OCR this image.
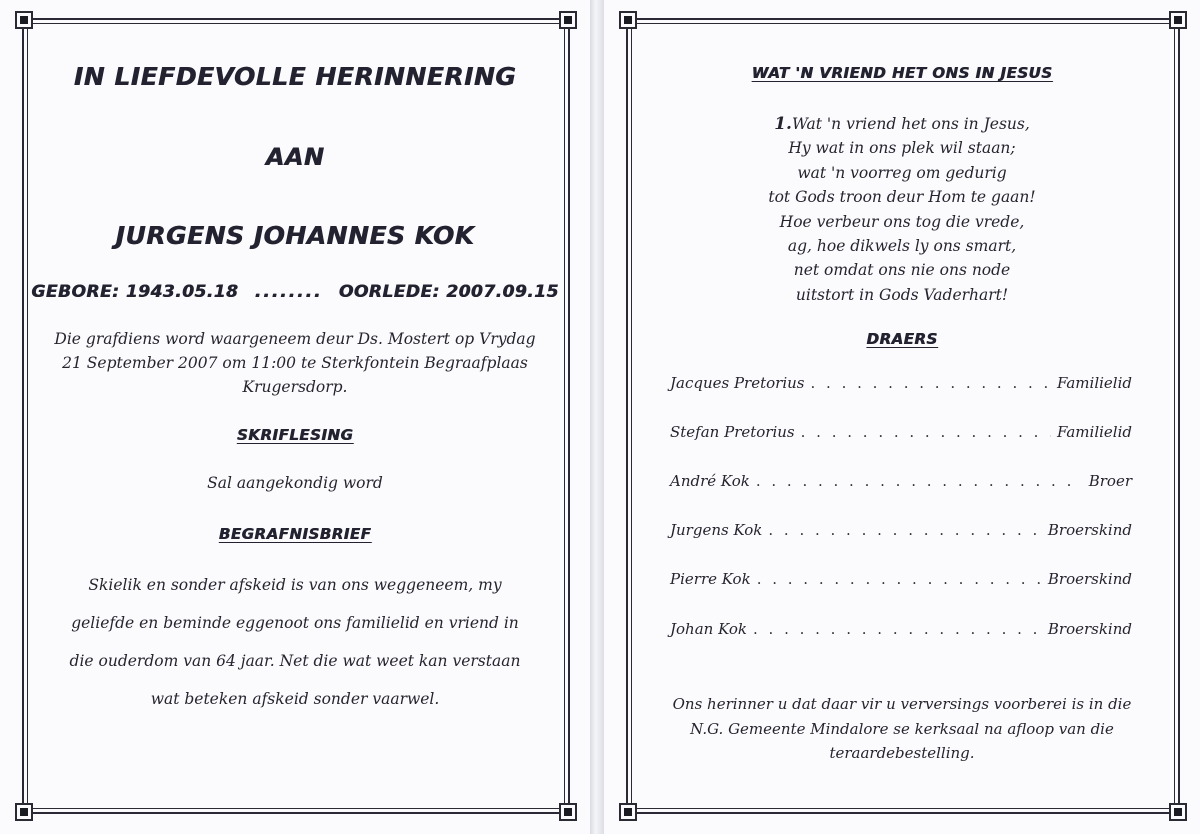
IN LIEFDEVOLLE HERINNERING
AAN
JURGENS JOHANNES KOK
GEBORE: 1943.05.18 ........ OORLEDE: 2007.09.15
Die grafdiens word waargeneem deur Ds. Mostert op Vrydag
21 September 2007 om 11:00 te Sterkfontein Begraafplaas
Krugersdorp.
SKRIFLESING
Sal aangekondig word
BEGRAFNISBRIEF
Skielik en sonder afskeid is van ons weggeneem, my geliefde en beminde eggenoot ons familielid en vriend in die ouderdom van 64 jaar. Net die wat weet kan verstaan wat beteken afskeid sonder vaarwel.
WAT 'N VRIEND HET ONS IN JESUS
1.Wat 'n vriend het ons in Jesus,
Hy wat in ons plek wil staan;
wat 'n voorreg om gedurig
tot Gods troon deur Hom te gaan!
Hoe verbeur ons tog die vrede,
ag, hoe dikwels ly ons smart,
net omdat ons nie ons node
uitstort in Gods Vaderhart!
DRAERS
Jacques Pretorius . . .	Familielid
Stefan Pretorius . . .	Familielid
André Kok . . .	Broer
Jurgens Kok . . .	Broerskind
Pierre Kok . . .	Broerskind
Johan Kok . . .	Broerskind
Ons herinner u dat daar vir u verversings voorberei is in die
N.G. Gemeente Mindalore se kerksaal na afloop van die
teraardebestelling.
